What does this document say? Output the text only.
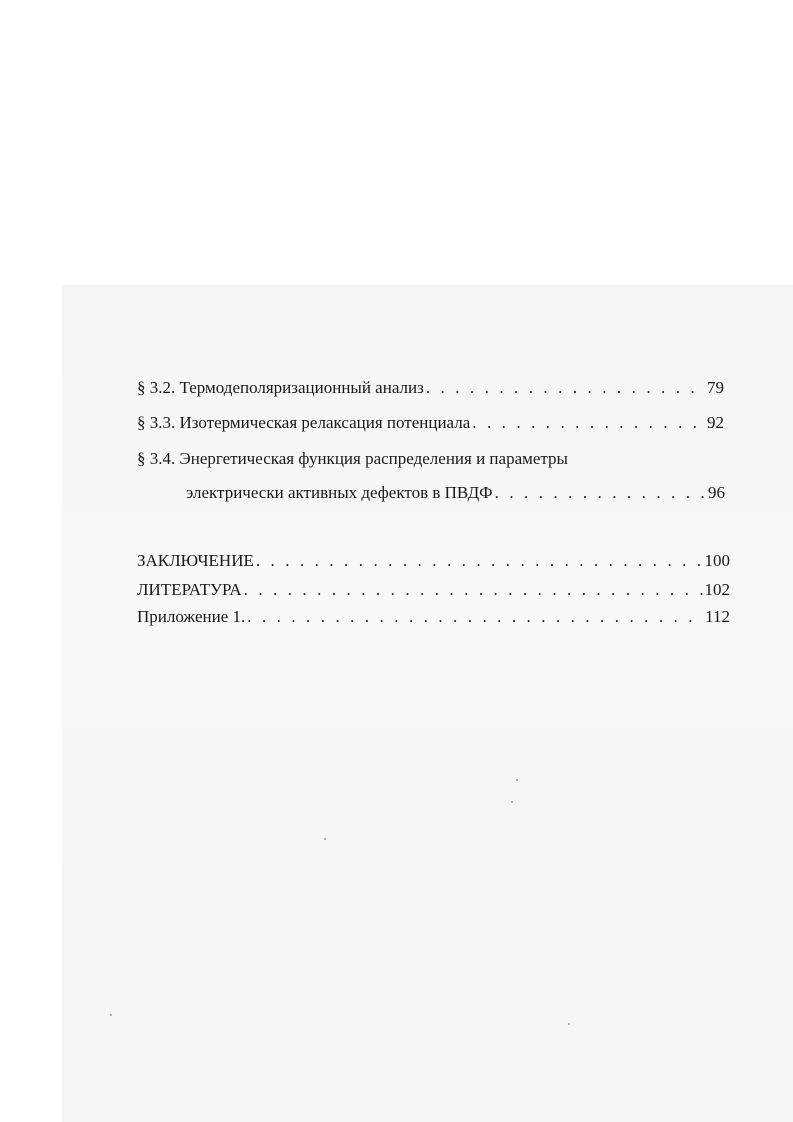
§ 3.2. Термодеполяризационный анализ . . .	79
§ 3.3. Изотермическая релаксация потенциала . . .	92
§ 3.4. Энергетическая функция распределения и параметры
электрически активных дефектов в ПВДФ . . .	96
ЗАКЛЮЧЕНИЕ . . .	100
ЛИТЕРАТУРА . . .	102
Приложение 1. . . .	112
